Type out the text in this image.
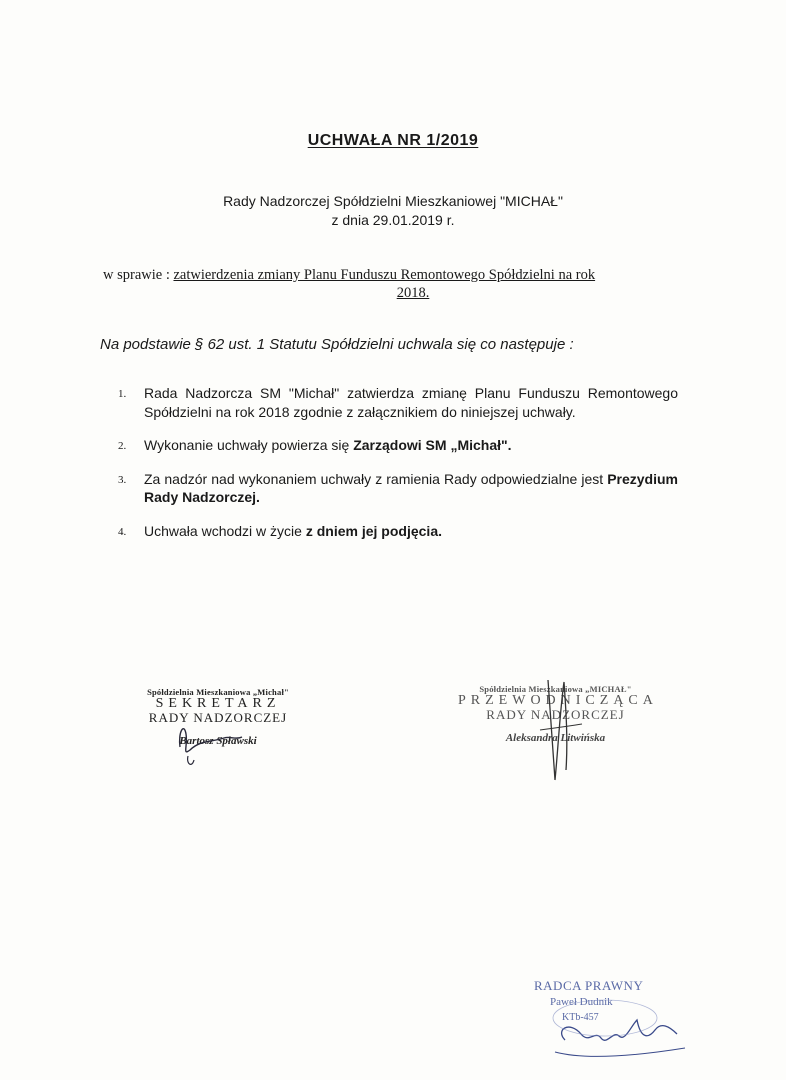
UCHWAŁA NR 1/2019
Rady Nadzorczej Spółdzielni Mieszkaniowej "MICHAŁ"
z dnia 29.01.2019 r.
w sprawie : zatwierdzenia zmiany Planu Funduszu Remontowego Spółdzielni na rok
2018.
Na podstawie § 62 ust. 1 Statutu Spółdzielni uchwala się co następuje :
1. Rada Nadzorcza SM "Michał" zatwierdza zmianę Planu Funduszu Remontowego Spółdzielni na rok 2018 zgodnie z załącznikiem do niniejszej uchwały.
2. Wykonanie uchwały powierza się Zarządowi SM „Michał".
3. Za nadzór nad wykonaniem uchwały z ramienia Rady odpowiedzialne jest Prezydium Rady Nadzorczej.
4. Uchwała wchodzi w życie z dniem jej podjęcia.
Spółdzielnia Mieszkaniowa „Michał"
SEKRETARZ
RADY NADZORCZEJ
Bartosz Spławski
Spółdzielnia Mieszkaniowa „MICHAŁ"
PRZEWODNICZĄCA
RADY NADZORCZEJ
Aleksandra Litwińska
RADCA PRAWNY
Paweł Dudnik
KTb-457
